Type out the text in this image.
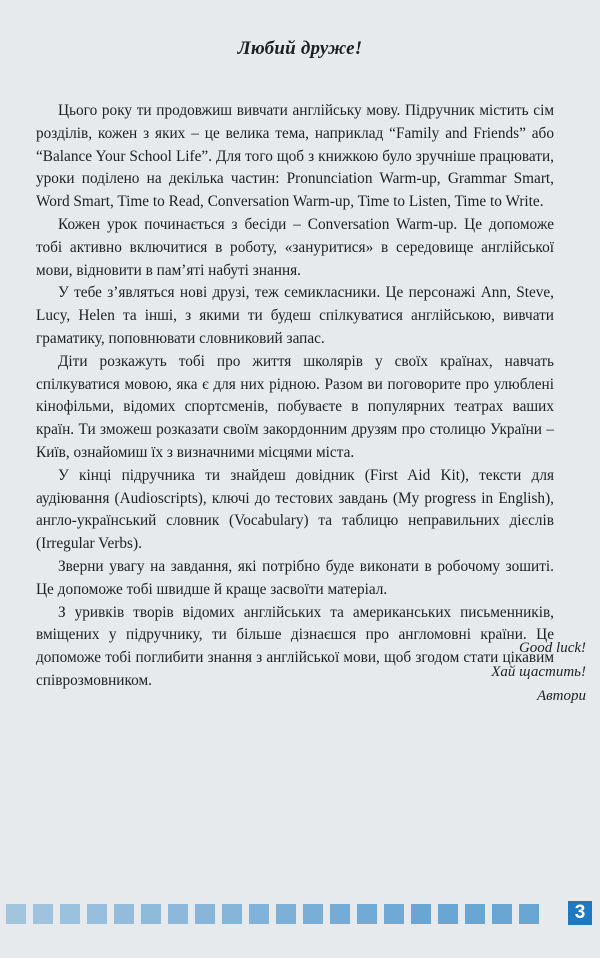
Любий друже!

Цього року ти продовжиш вивчати англійську мову. Підручник містить сім розділів, кожен з яких – це велика тема, наприклад “Family and Friends” або “Balance Your School Life”. Для того щоб з книжкою було зручніше працювати, уроки поділено на декілька частин: Pronunciation Warm-up, Grammar Smart, Word Smart, Time to Read, Conversation Warm-up, Time to Listen, Time to Write.

Кожен урок починається з бесіди – Conversation Warm-up. Це допоможе тобі активно включитися в роботу, «зануритися» в середовище англійської мови, відновити в пам’яті набуті знання.

У тебе з’являться нові друзі, теж семикласники. Це персонажі Ann, Steve, Lucy, Helen та інші, з якими ти будеш спілкуватися англійською, вивчати граматику, поповнювати словниковий запас.

Діти розкажуть тобі про життя школярів у своїх країнах, навчать спілкуватися мовою, яка є для них рідною. Разом ви поговорите про улюблені кінофільми, відомих спортсменів, побуваєте в популярних театрах ваших країн. Ти зможеш розказати своїм закордонним друзям про столицю України – Київ, ознайомиш їх з визначними місцями міста.

У кінці підручника ти знайдеш довідник (First Aid Kit), тексти для аудіювання (Audioscripts), ключі до тестових завдань (My progress in English), англо-український словник (Vocabulary) та таблицю неправильних дієслів (Irregular Verbs).

Зверни увагу на завдання, які потрібно буде виконати в робочому зошиті. Це допоможе тобі швидше й краще засвоїти матеріал.

З уривків творів відомих англійських та американських письменників, вміщених у підручнику, ти більше дізнаєшся про англомовні країни. Це допоможе тобі поглибити знання з англійської мови, щоб згодом стати цікавим співрозмовником.

Good luck!
Хай щастить!
Автори
3
